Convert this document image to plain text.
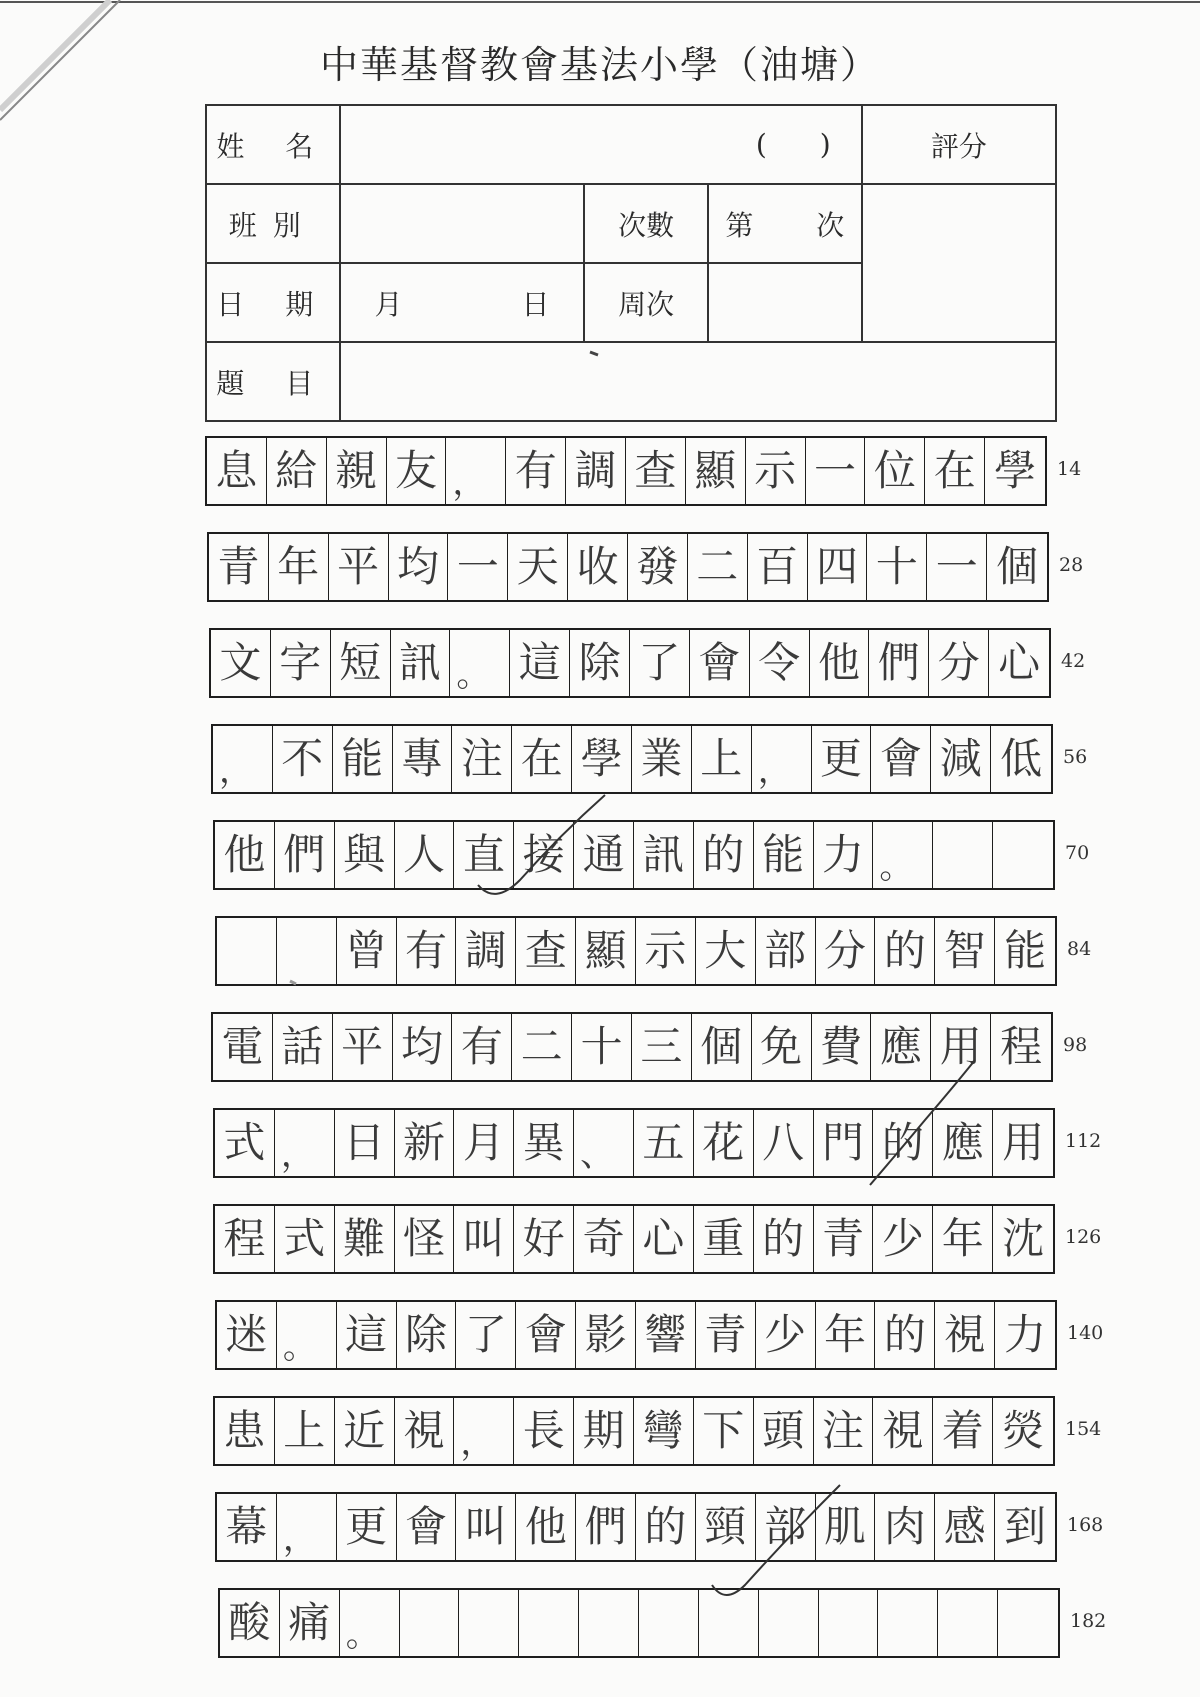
中華基督教會基法小學（油塘）
姓 名	( )			評分
班別		次數	第 次	
日 期	月 日	周次		
題 目				
息 給 親 友 ， 有 調 查 顯 示 一 位 在 學	14
青 年 平 均 一 天 收 發 二 百 四 十 一 個	28
文 字 短 訊 。 這 除 了 會 令 他 們 分 心	42
， 不 能 專 注 在 學 業 上 ， 更 會 減 低	56
他 們 與 人 直 接 通 訊 的 能 力 。	70
曾 有 調 查 顯 示 大 部 分 的 智 能	84
電 話 平 均 有 二 十 三 個 免 費 應 用 程	98
式 ， 日 新 月 異 、 五 花 八 門 的 應 用	112
程 式 難 怪 叫 好 奇 心 重 的 青 少 年 沈	126
迷 。 這 除 了 會 影 響 青 少 年 的 視 力	140
患 上 近 視 ， 長 期 彎 下 頭 注 視 着 熒	154
幕 ， 更 會 叫 他 們 的 頸 部 肌 肉 感 到	168
酸 痛 。	182
